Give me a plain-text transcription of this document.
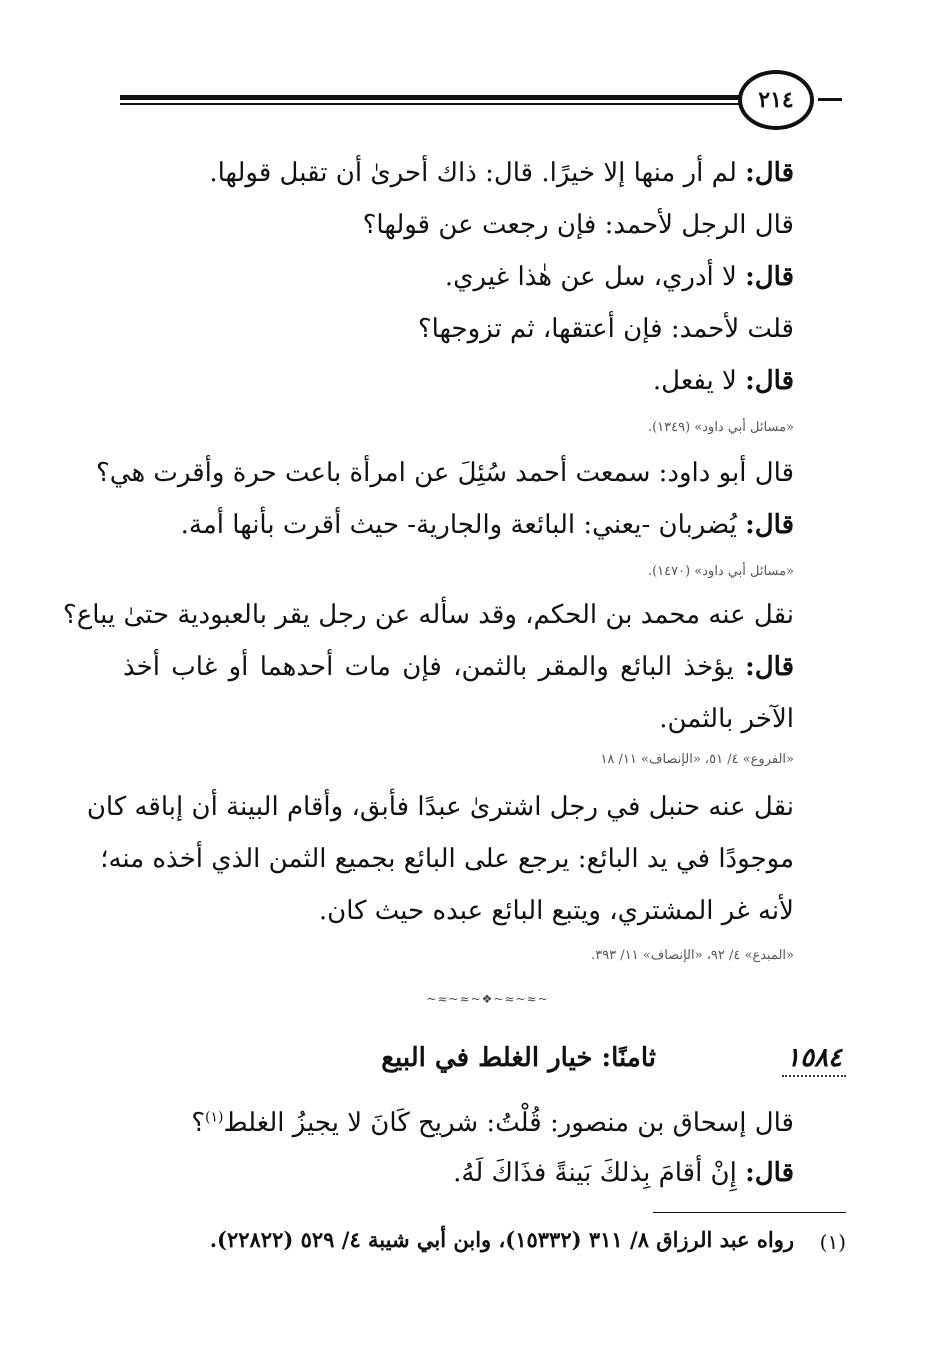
٢١٤
قال: لم أر منها إلا خيرًا. قال: ذاك أحرىٰ أن تقبل قولها.
قال الرجل لأحمد: فإن رجعت عن قولها؟
قال: لا أدري، سل عن هٰذا غيري.
قلت لأحمد: فإن أعتقها، ثم تزوجها؟
قال: لا يفعل.
«مسائل أبي داود» (١٣٤٩).
قال أبو داود: سمعت أحمد سُئِلَ عن امرأة باعت حرة وأقرت هي؟
قال: يُضربان -يعني: البائعة والجارية- حيث أقرت بأنها أمة.
«مسائل أبي داود» (١٤٧٠).
نقل عنه محمد بن الحكم، وقد سأله عن رجل يقر بالعبودية حتىٰ يباع؟
قال: يؤخذ البائع والمقر بالثمن، فإن مات أحدهما أو غاب أخذ
الآخر بالثمن.
«الفروع» ٤/ ٥١، «الإنصاف» ١١/ ١٨
نقل عنه حنبل في رجل اشترىٰ عبدًا فأبق، وأقام البينة أن إباقه كان
موجودًا في يد البائع: يرجع على البائع بجميع الثمن الذي أخذه منه؛
لأنه غر المشتري، ويتبع البائع عبده حيث كان.
«المبدع» ٤/ ٩٢، «الإنصاف» ١١/ ٣٩٣.
~≈~≈~❖~≈~≈~
١٥٨٤
ثامنًا: خيار الغلط في البيع
قال إسحاق بن منصور: قُلْتُ: شريح كَانَ لا يجيزُ الغلط$^{(١)}$؟
قال: إِنْ أقامَ بِذلكَ بَينةً فذَاكَ لَهُ.
(١)
رواه عبد الرزاق ٨/ ٣١١ (١٥٣٣٢)، وابن أبي شيبة ٤/ ٥٢٩ (٢٢٨٢٢).
